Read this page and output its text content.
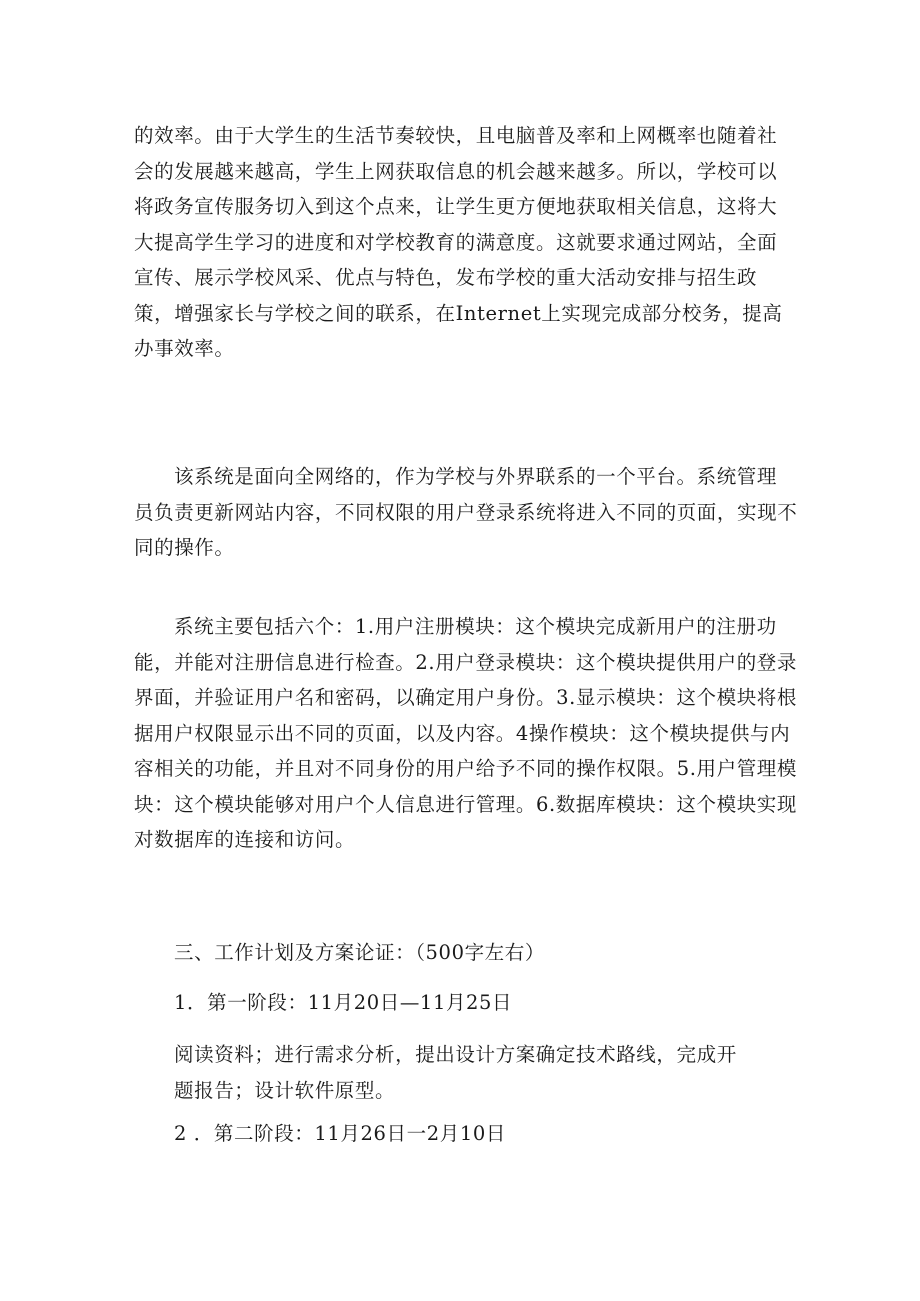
的效率。由于大学生的生活节奏较快，且电脑普及率和上网概率也随着社
会的发展越来越高，学生上网获取信息的机会越来越多。所以，学校可以
将政务宣传服务切入到这个点来，让学生更方便地获取相关信息，这将大
大提高学生学习的进度和对学校教育的满意度。这就要求通过网站，全面
宣传、展示学校风采、优点与特色，发布学校的重大活动安排与招生政
策，增强家长与学校之间的联系，在Internet上实现完成部分校务，提高
办事效率。

该系统是面向全网络的，作为学校与外界联系的一个平台。系统管理
员负责更新网站内容，不同权限的用户登录系统将进入不同的页面，实现不
同的操作。

系统主要包括六个：1.用户注册模块：这个模块完成新用户的注册功
能，并能对注册信息进行检查。2.用户登录模块：这个模块提供用户的登录
界面，并验证用户名和密码，以确定用户身份。3.显示模块：这个模块将根
据用户权限显示出不同的页面，以及内容。4操作模块：这个模块提供与内
容相关的功能，并且对不同身份的用户给予不同的操作权限。5.用户管理模
块：这个模块能够对用户个人信息进行管理。6.数据库模块：这个模块实现
对数据库的连接和访问。

三、工作计划及方案论证：（500字左右）

1．第一阶段：11月20日—11月25日

阅读资料；进行需求分析，提出设计方案确定技术路线，完成开
题报告；设计软件原型。

2 ．第二阶段：11月26日一2月10日
